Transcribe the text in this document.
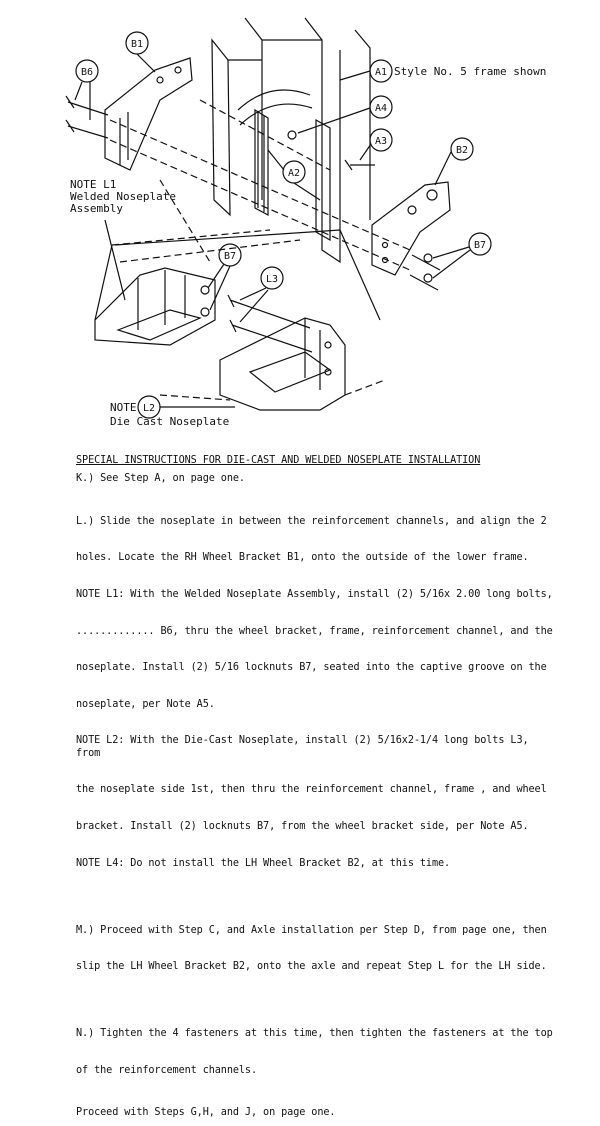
B1
B6	A1
A4
A3
B2
A2
B7
L3
B7
L2
Style No. 5 frame shown
NOTE L1
Welded Noseplate
Assembly
NOTE
Die Cast Noseplate

SPECIAL INSTRUCTIONS FOR DIE-CAST AND WELDED NOSEPLATE INSTALLATION

K.) See Step A, on page one.

L.) Slide the noseplate in between the reinforcement channels, and align the 2

holes. Locate the RH Wheel Bracket B1, onto the outside of the lower frame.

NOTE L1: With the Welded Noseplate Assembly, install (2) 5/16x 2.00 long bolts,

............. B6, thru the wheel bracket, frame, reinforcement channel, and the

noseplate. Install (2) 5/16 locknuts B7, seated into the captive groove on the

noseplate, per Note A5.

NOTE L2: With the Die-Cast Noseplate, install (2) 5/16x2-1/4 long bolts L3, from

the noseplate side 1st, then thru the reinforcement channel, frame , and wheel

bracket. Install (2) locknuts B7, from the wheel bracket side, per Note A5.

NOTE L4: Do not install the LH Wheel Bracket B2, at this time.

M.) Proceed with Step C, and Axle installation per Step D, from page one, then

slip the LH Wheel Bracket B2, onto the axle and repeat Step L for the LH side.

N.) Tighten the 4 fasteners at this time, then tighten the fasteners at the top

of the reinforcement channels.

Proceed with Steps G,H, and J, on page one.
